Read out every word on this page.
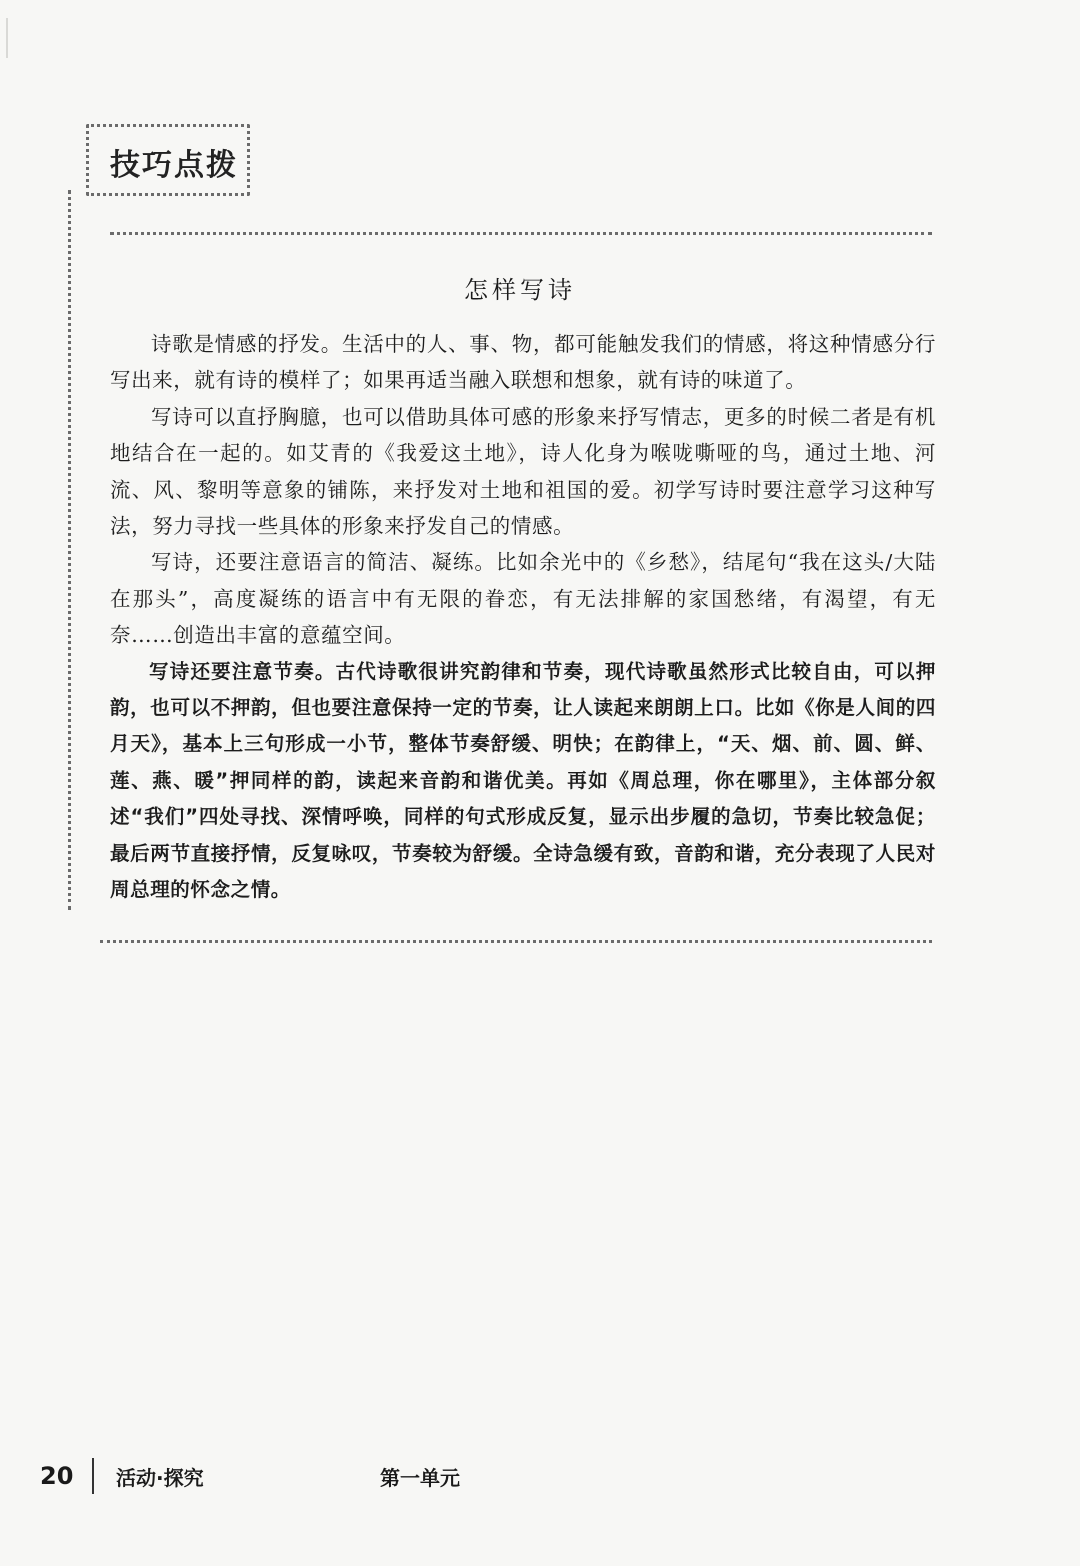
技巧点拨
怎样写诗

诗歌是情感的抒发。生活中的人、事、物，都可能触发我们的情感，将这种情感分行写出来，就有诗的模样了；如果再适当融入联想和想象，就有诗的味道了。

写诗可以直抒胸臆，也可以借助具体可感的形象来抒写情志，更多的时候二者是有机地结合在一起的。如艾青的《我爱这土地》，诗人化身为喉咙嘶哑的鸟，通过土地、河流、风、黎明等意象的铺陈，来抒发对土地和祖国的爱。初学写诗时要注意学习这种写法，努力寻找一些具体的形象来抒发自己的情感。

写诗，还要注意语言的简洁、凝练。比如余光中的《乡愁》，结尾句“我在这头/大陆在那头”，高度凝练的语言中有无限的眷恋，有无法排解的家国愁绪，有渴望，有无奈……创造出丰富的意蕴空间。

写诗还要注意节奏。古代诗歌很讲究韵律和节奏，现代诗歌虽然形式比较自由，可以押韵，也可以不押韵，但也要注意保持一定的节奏，让人读起来朗朗上口。比如《你是人间的四月天》，基本上三句形成一小节，整体节奏舒缓、明快；在韵律上，“天、烟、前、圆、鲜、莲、燕、暖”押同样的韵，读起来音韵和谐优美。再如《周总理，你在哪里》，主体部分叙述“我们”四处寻找、深情呼唤，同样的句式形成反复，显示出步履的急切，节奏比较急促；最后两节直接抒情，反复咏叹，节奏较为舒缓。全诗急缓有致，音韵和谐，充分表现了人民对周总理的怀念之情。

20 活动·探究	第一单元
